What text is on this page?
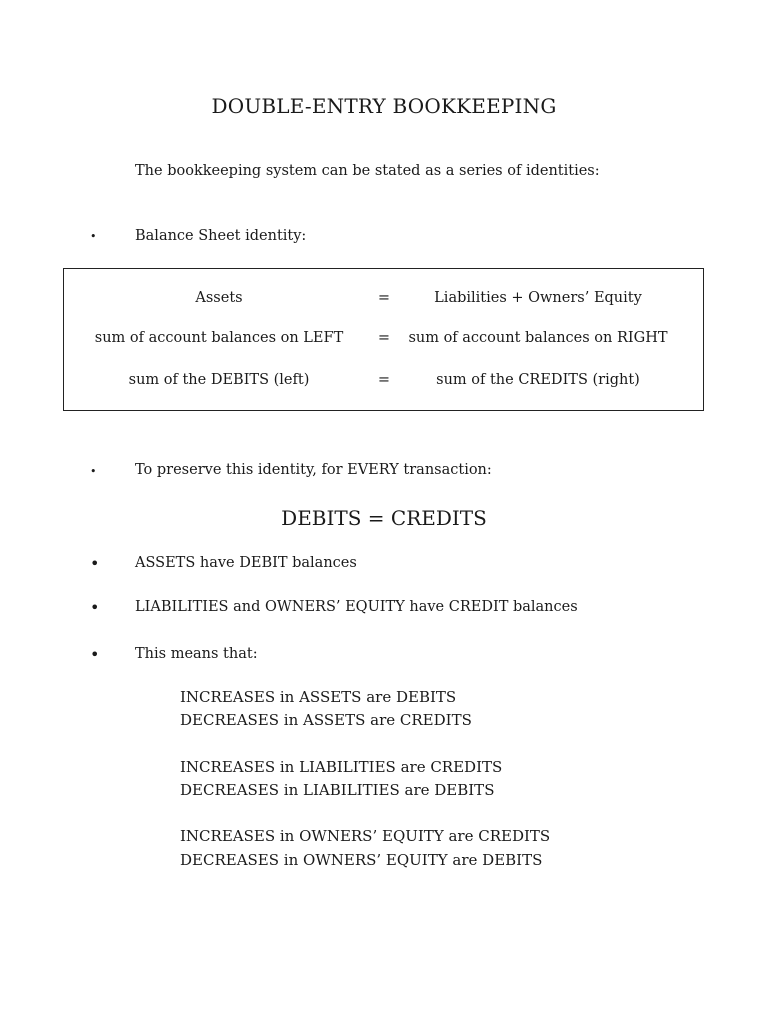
DOUBLE-ENTRY BOOKKEEPING
The bookkeeping system can be stated as a series of identities:
•	Balance Sheet identity:
Assets	=	Liabilities + Owners’ Equity
sum of account balances on LEFT	=	sum of account balances on RIGHT
sum of the DEBITS (left)	=	sum of the CREDITS (right)
•	To preserve this identity, for EVERY transaction:
DEBITS = CREDITS
• ASSETS have DEBIT balances
• LIABILITIES and OWNERS’ EQUITY have CREDIT balances
• This means that:
INCREASES in ASSETS are DEBITS
DECREASES in ASSETS are CREDITS
INCREASES in LIABILITIES are CREDITS
DECREASES in LIABILITIES are DEBITS
INCREASES in OWNERS’ EQUITY are CREDITS
DECREASES in OWNERS’ EQUITY are DEBITS
